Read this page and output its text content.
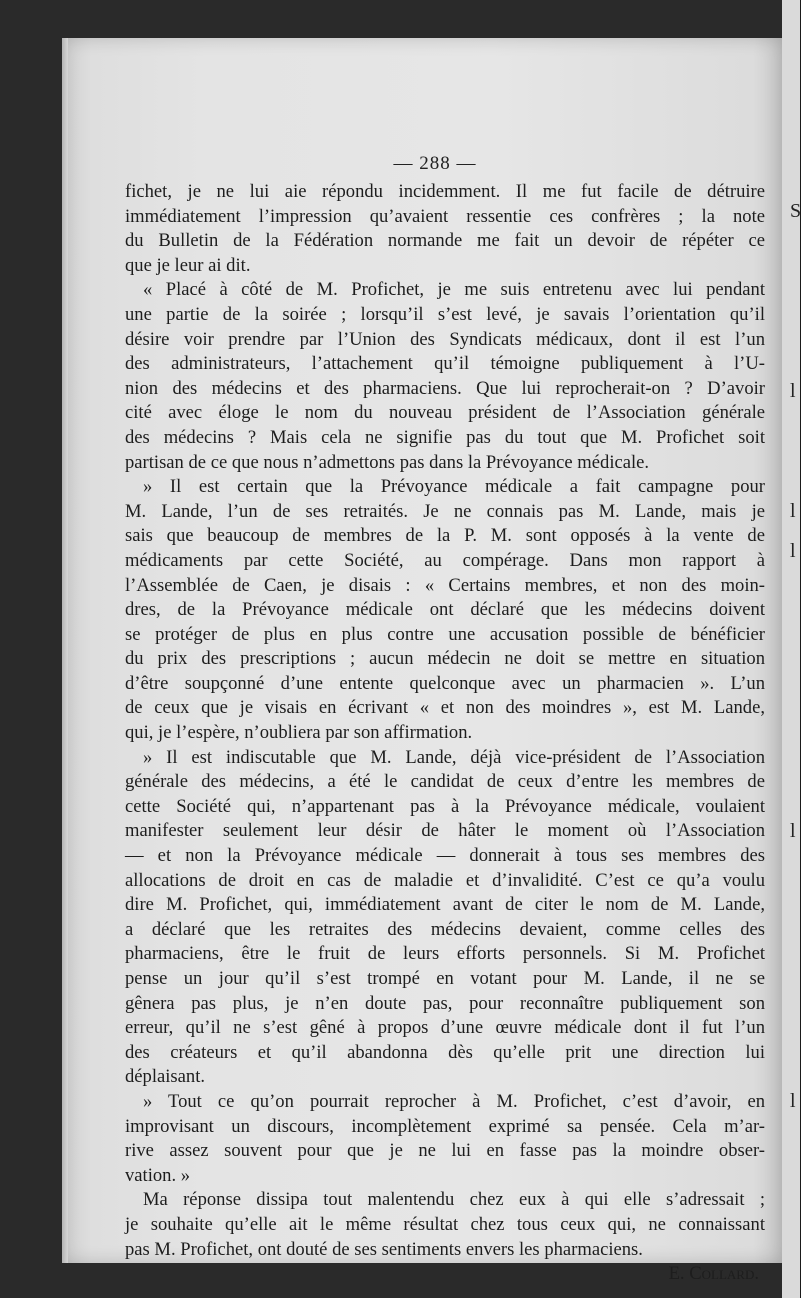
S
l
l
l
l
l
— 288 —
fichet, je ne lui aie répondu incidemment. Il me fut facile de détruire
immédiatement l’impression qu’avaient ressentie ces confrères ; la note
du Bulletin de la Fédération normande me fait un devoir de répéter ce
que je leur ai dit.
« Placé à côté de M. Profichet, je me suis entretenu avec lui pendant
une partie de la soirée ; lorsqu’il s’est levé, je savais l’orientation qu’il
désire voir prendre par l’Union des Syndicats médicaux, dont il est l’un
des administrateurs, l’attachement qu’il témoigne publiquement à l’U-
nion des médecins et des pharmaciens. Que lui reprocherait-on ? D’avoir
cité avec éloge le nom du nouveau président de l’Association générale
des médecins ? Mais cela ne signifie pas du tout que M. Profichet soit
partisan de ce que nous n’admettons pas dans la Prévoyance médicale.
» Il est certain que la Prévoyance médicale a fait campagne pour
M. Lande, l’un de ses retraités. Je ne connais pas M. Lande, mais je
sais que beaucoup de membres de la P. M. sont opposés à la vente de
médicaments par cette Société, au compérage. Dans mon rapport à
l’Assemblée de Caen, je disais : « Certains membres, et non des moin-
dres, de la Prévoyance médicale ont déclaré que les médecins doivent
se protéger de plus en plus contre une accusation possible de bénéficier
du prix des prescriptions ; aucun médecin ne doit se mettre en situation
d’être soupçonné d’une entente quelconque avec un pharmacien ». L’un
de ceux que je visais en écrivant « et non des moindres », est M. Lande,
qui, je l’espère, n’oubliera par son affirmation.
» Il est indiscutable que M. Lande, déjà vice-président de l’Association
générale des médecins, a été le candidat de ceux d’entre les membres de
cette Société qui, n’appartenant pas à la Prévoyance médicale, voulaient
manifester seulement leur désir de hâter le moment où l’Association
— et non la Prévoyance médicale — donnerait à tous ses membres des
allocations de droit en cas de maladie et d’invalidité. C’est ce qu’a voulu
dire M. Profichet, qui, immédiatement avant de citer le nom de M. Lande,
a déclaré que les retraites des médecins devaient, comme celles des
pharmaciens, être le fruit de leurs efforts personnels. Si M. Profichet
pense un jour qu’il s’est trompé en votant pour M. Lande, il ne se
gênera pas plus, je n’en doute pas, pour reconnaître publiquement son
erreur, qu’il ne s’est gêné à propos d’une œuvre médicale dont il fut l’un
des créateurs et qu’il abandonna dès qu’elle prit une direction lui
déplaisant.
» Tout ce qu’on pourrait reprocher à M. Profichet, c’est d’avoir, en
improvisant un discours, incomplètement exprimé sa pensée. Cela m’ar-
rive assez souvent pour que je ne lui en fasse pas la moindre obser-
vation. »
Ma réponse dissipa tout malentendu chez eux à qui elle s’adressait ;
je souhaite qu’elle ait le même résultat chez tous ceux qui, ne connaissant
pas M. Profichet, ont douté de ses sentiments envers les pharmaciens.
E. Collard.
